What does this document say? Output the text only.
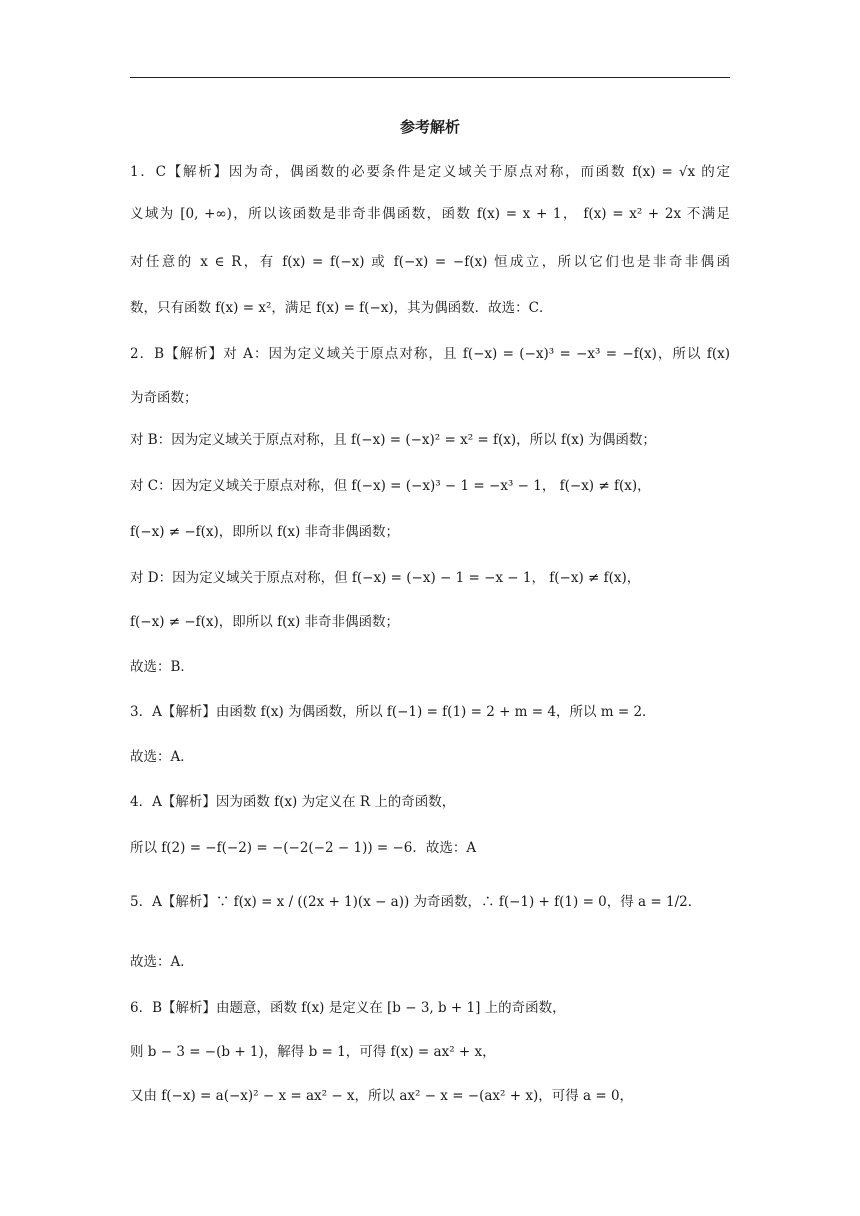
参考解析
1．C【解析】因为奇，偶函数的必要条件是定义域关于原点对称，而函数 f(x) = √x 的定
义域为 [0, +∞)，所以该函数是非奇非偶函数，函数 f(x) = x + 1， f(x) = x² + 2x 不满足
对任意的 x ∈ R，有 f(x) = f(−x) 或 f(−x) = −f(x) 恒成立，所以它们也是非奇非偶函
数，只有函数 f(x) = x²，满足 f(x) = f(−x)，其为偶函数．故选：C．
2．B【解析】对 A：因为定义域关于原点对称，且 f(−x) = (−x)³ = −x³ = −f(x)，所以 f(x)
为奇函数；
对 B：因为定义域关于原点对称，且 f(−x) = (−x)² = x² = f(x)，所以 f(x) 为偶函数；
对 C：因为定义域关于原点对称，但 f(−x) = (−x)³ − 1 = −x³ − 1， f(−x) ≠ f(x)，
f(−x) ≠ −f(x)，即所以 f(x) 非奇非偶函数；
对 D：因为定义域关于原点对称，但 f(−x) = (−x) − 1 = −x − 1， f(−x) ≠ f(x)，
f(−x) ≠ −f(x)，即所以 f(x) 非奇非偶函数；
故选：B．
3．A【解析】由函数 f(x) 为偶函数，所以 f(−1) = f(1) = 2 + m = 4，所以 m = 2．
故选：A．
4．A【解析】因为函数 f(x) 为定义在 R 上的奇函数，
所以 f(2) = −f(−2) = −(−2(−2 − 1)) = −6．故选：A
5．A【解析】∵ f(x) = x / ((2x + 1)(x − a)) 为奇函数，∴ f(−1) + f(1) = 0，得 a = 1/2．
故选：A．
6．B【解析】由题意，函数 f(x) 是定义在 [b − 3, b + 1] 上的奇函数，
则 b − 3 = −(b + 1)，解得 b = 1，可得 f(x) = ax² + x，
又由 f(−x) = a(−x)² − x = ax² − x，所以 ax² − x = −(ax² + x)，可得 a = 0，
